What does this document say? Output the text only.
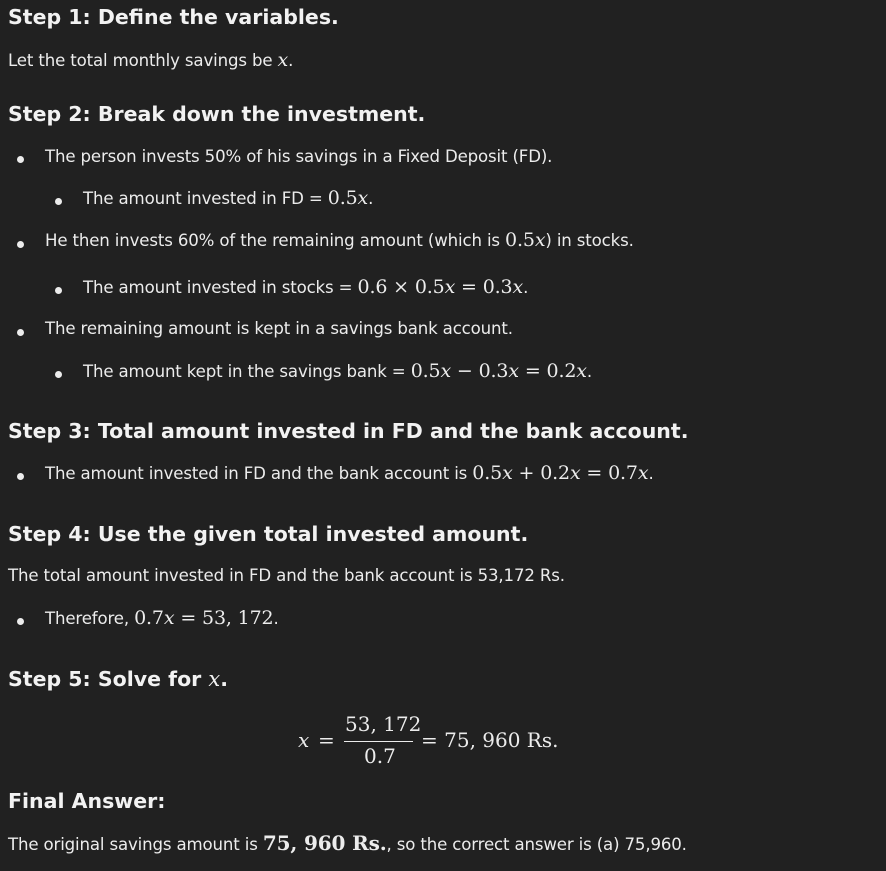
Step 1: Define the variables.
Let the total monthly savings be x.
Step 2: Break down the investment.
The person invests 50% of his savings in a Fixed Deposit (FD).
The amount invested in FD = 0.5x.
He then invests 60% of the remaining amount (which is 0.5x) in stocks.
The amount invested in stocks = 0.6 × 0.5x = 0.3x.
The remaining amount is kept in a savings bank account.
The amount kept in the savings bank = 0.5x − 0.3x = 0.2x.
Step 3: Total amount invested in FD and the bank account.
The amount invested in FD and the bank account is 0.5x + 0.2x = 0.7x.
Step 4: Use the given total invested amount.
The total amount invested in FD and the bank account is 53,172 Rs.
Therefore, 0.7x = 53, 172.
Step 5: Solve for x.
x =
53, 172
0.7
= 75, 960 Rs.
Final Answer:
The original savings amount is 75, 960 Rs., so the correct answer is (a) 75,960.
